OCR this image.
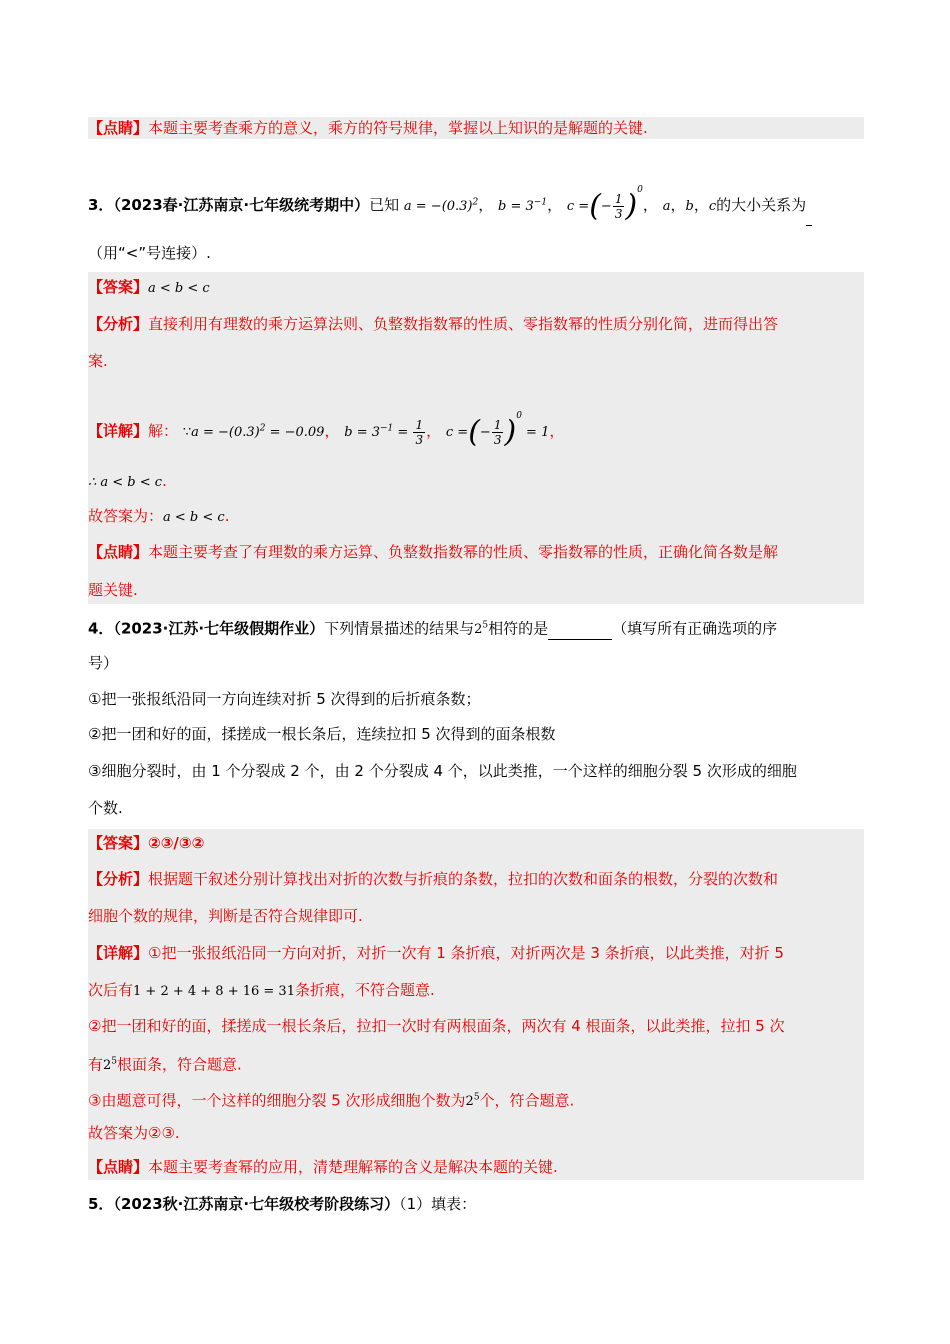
【点睛】本题主要考查乘方的意义，乘方的符号规律，掌握以上知识的是解题的关键.
3．（2023春·江苏南京·七年级统考期中）已知 $a = -(0.3)^2$， $b = 3^{-1}$， c =(− $\frac{1}{3} )^0$， a，b，c的大小关系为
（用“<”号连接）.
【答案】a < b < c
【分析】直接利用有理数的乘方运算法则、负整数指数幂的性质、零指数幂的性质分别化简，进而得出答
案.
【详解】解： ∵a = $-(0.3)^2 = -0.09$， $b = 3^{-1} = \frac{1}{3}$ ， c =(− $\frac{1}{3} )^0 = 1$，
∴ a < b < c.
故答案为：a < b < c.
【点睛】本题主要考查了有理数的乘方运算、负整数指数幂的性质、零指数幂的性质，正确化简各数是解
题关键.
4．（2023·江苏·七年级假期作业）下列情景描述的结果与$2^5$相符的是	（填写所有正确选项的序
号）
①把一张报纸沿同一方向连续对折 5 次得到的后折痕条数；
②把一团和好的面，揉搓成一根长条后，连续拉扣 5 次得到的面条根数
③细胞分裂时，由 1 个分裂成 2 个，由 2 个分裂成 4 个，以此类推，一个这样的细胞分裂 5 次形成的细胞
个数.
【答案】②③/③②
【分析】根据题干叙述分别计算找出对折的次数与折痕的条数，拉扣的次数和面条的根数，分裂的次数和
细胞个数的规律，判断是否符合规律即可.
【详解】①把一张报纸沿同一方向对折，对折一次有 1 条折痕，对折两次是 3 条折痕，以此类推，对折 5
次后有1 + 2 + 4 + 8 + 16 = 31条折痕，不符合题意.
②把一团和好的面，揉搓成一根长条后，拉扣一次时有两根面条，两次有 4 根面条，以此类推，拉扣 5 次
有$2^5$根面条，符合题意.
③由题意可得，一个这样的细胞分裂 5 次形成细胞个数为$2^5$个，符合题意.
故答案为②③.
【点睛】本题主要考查幂的应用，清楚理解幂的含义是解决本题的关键.
5．（2023秋·江苏南京·七年级校考阶段练习）（1）填表：
